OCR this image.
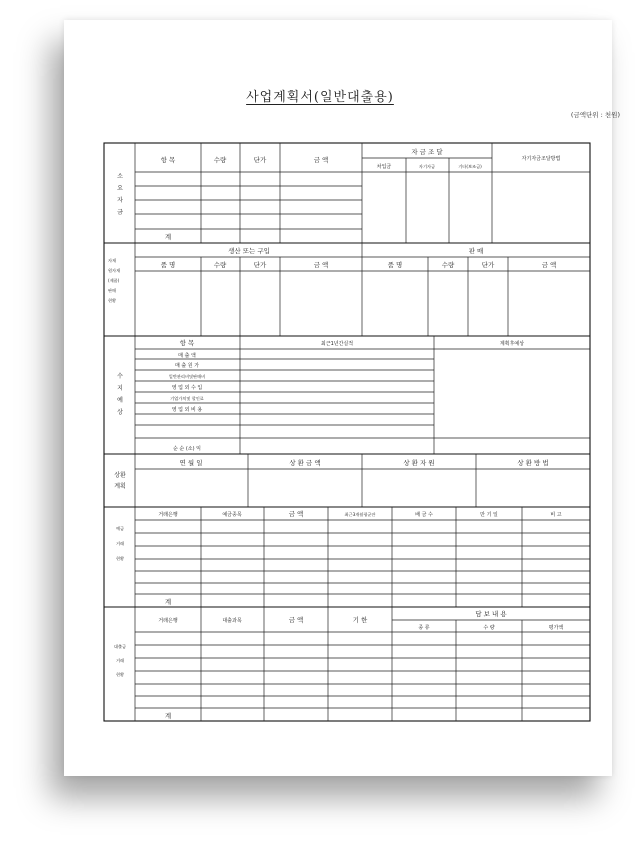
사업계획서(일반대출용)
(금액단위 : 천원)
소
요
자
금
항 목	수량	단가	금 액
자 금 조 달
차입금	자기자금	기타(보조금)
자기자금조달방법
계
자재
원자재
(제품)
판매
현황
생산 또는 구입	판 매
품 명	수량	단가	금 액	품 명	수량	단가	금 액
수
지
예
상
항 목	최근1년간실적	계획후예상
매 출 액
매 출 원 가
일반관리비및판매비
영 업 외 수 입
기업가치및 할인료
영 업 외 비 용
순 순 (소) 익
상환
계획
연 월 일	상 환 금 액	상 환 자 원	상 환 방 법
예금
거래
현황
거래은행	예금종목	금 액	최근3개월평균잔	배 금 수	만 기 일	비 고
계
대출금
거래
현황
거래은행	대출과목	금 액	기 한
담 보 내 용
종 류	수 량	평가액
계
